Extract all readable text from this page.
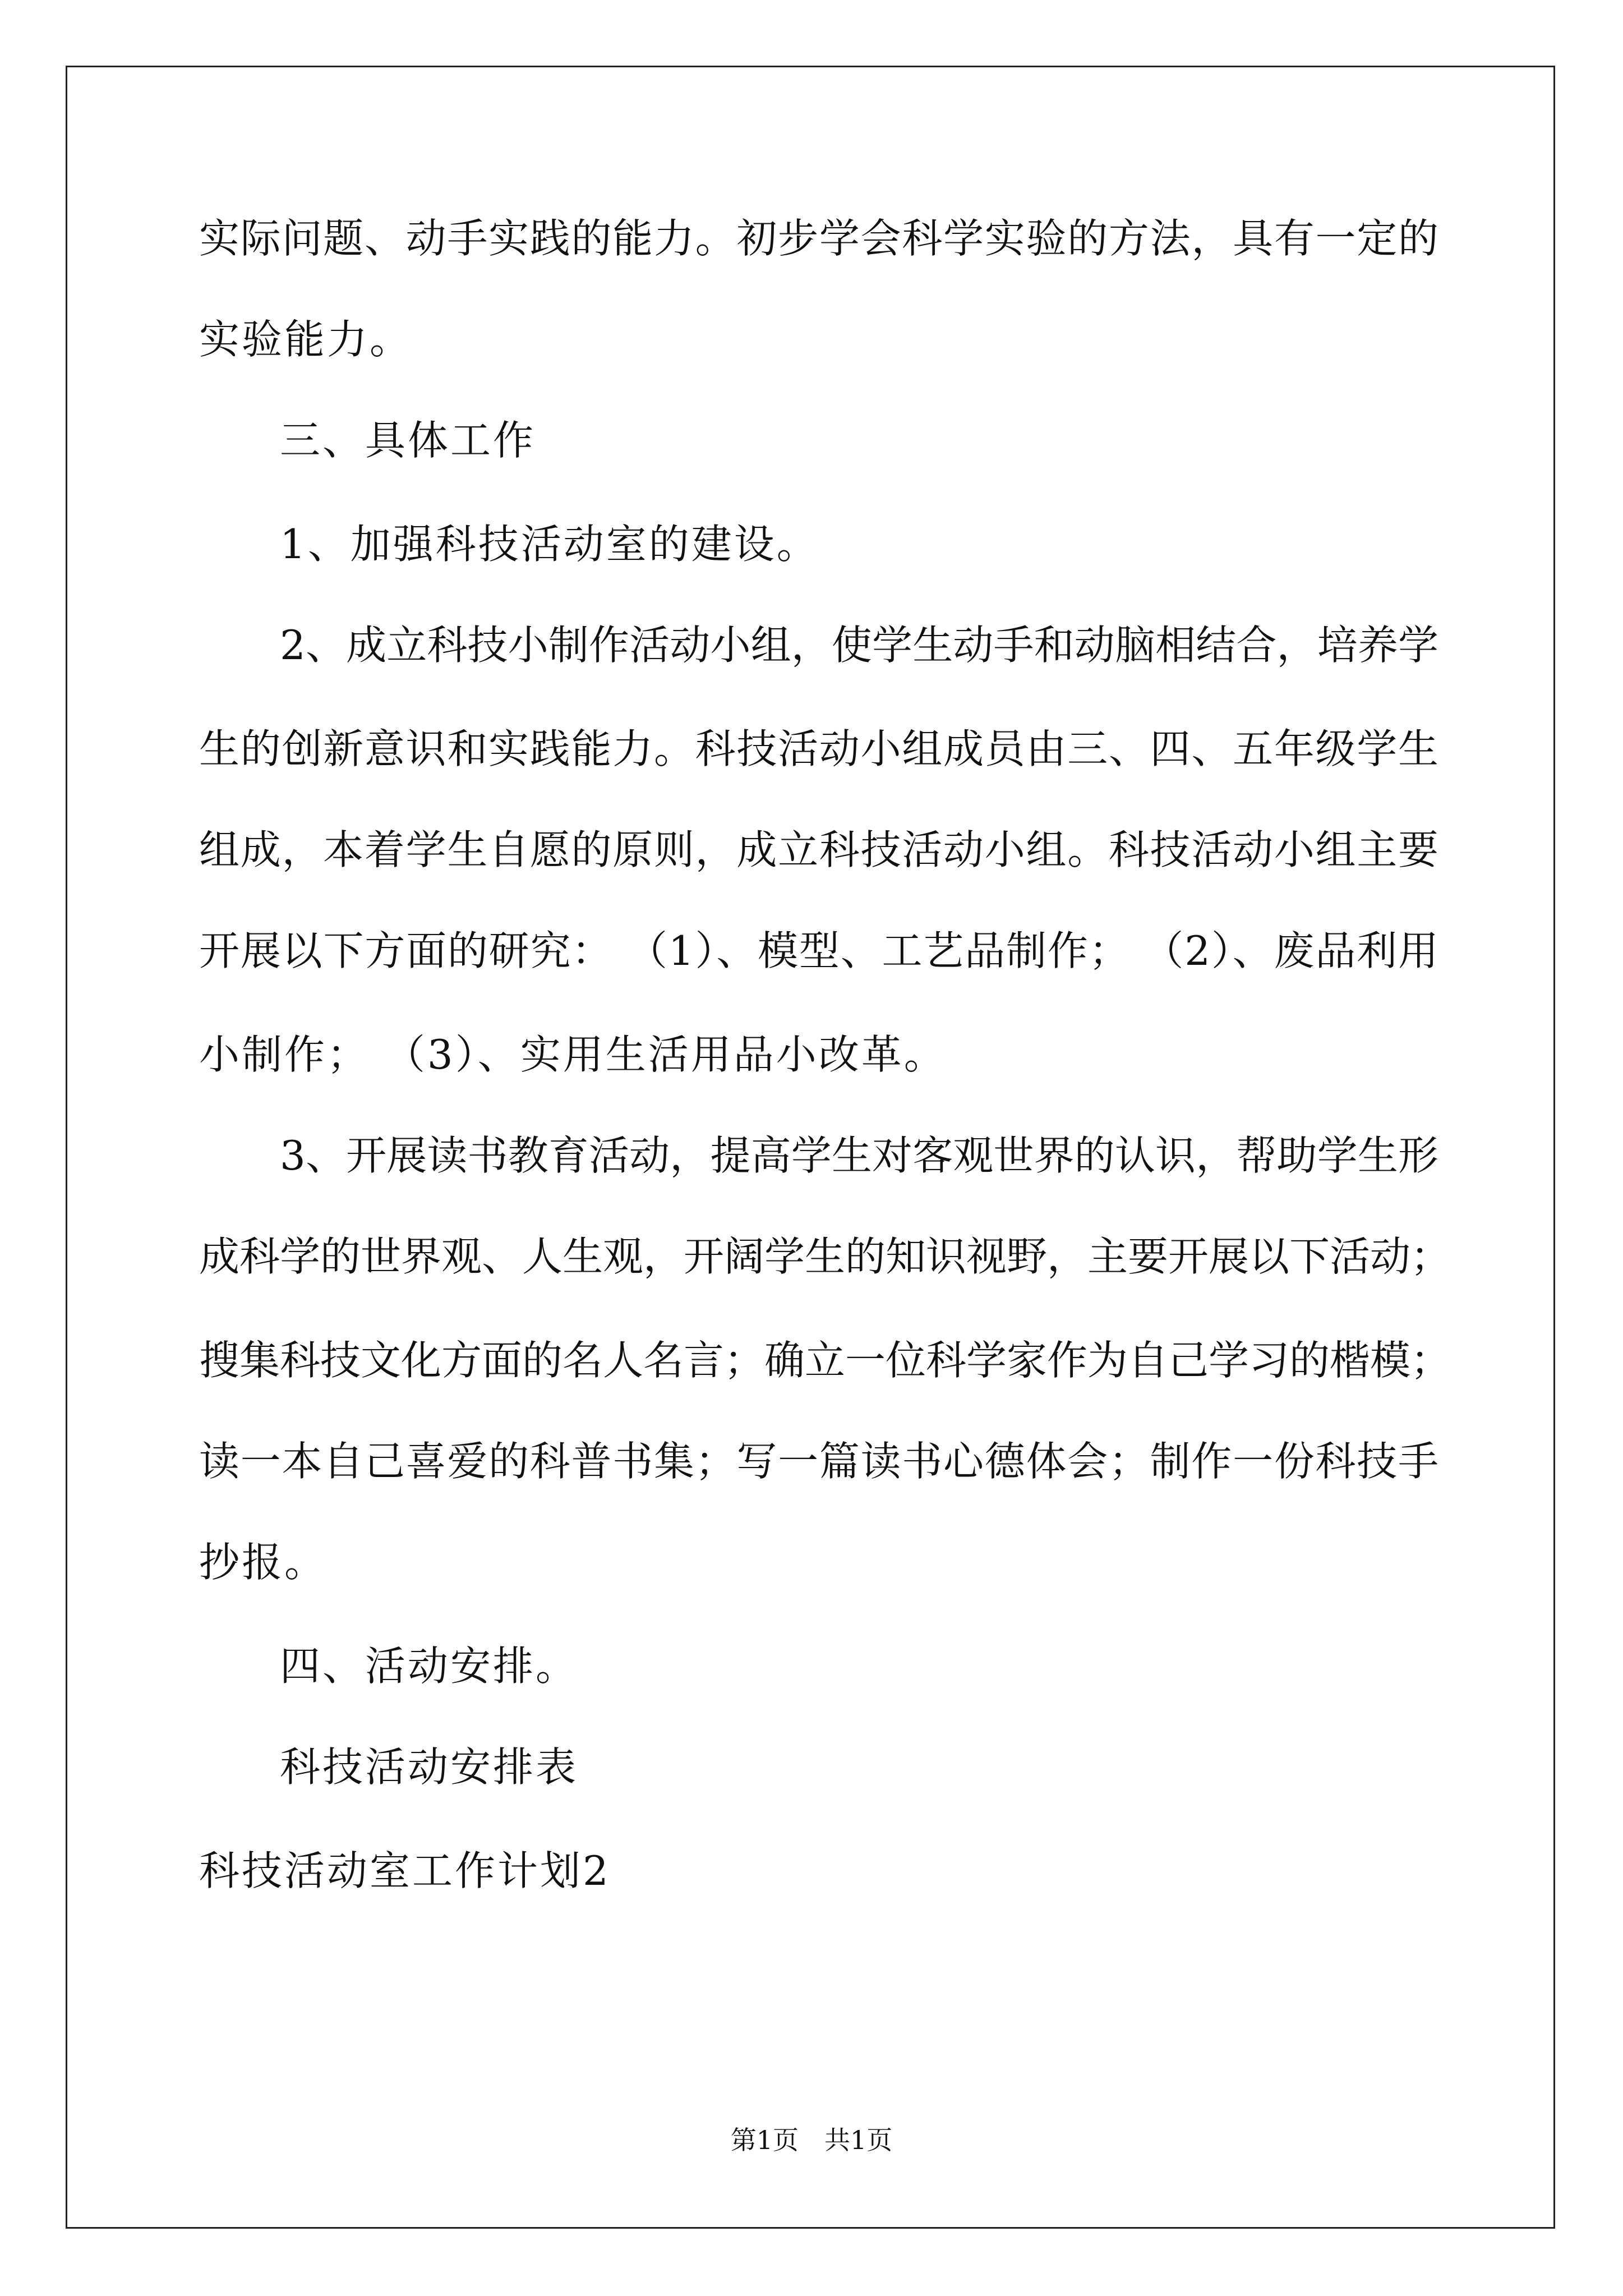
实际问题、动手实践的能力。初步学会科学实验的方法，具有一定的
实验能力。
三、具体工作
1、加强科技活动室的建设。
2、成立科技小制作活动小组，使学生动手和动脑相结合，培养学
生的创新意识和实践能力。科技活动小组成员由三、四、五年级学生
组成，本着学生自愿的原则，成立科技活动小组。科技活动小组主要
开展以下方面的研究： （1）、模型、工艺品制作； （2）、废品利用
小制作； （3）、实用生活用品小改革。
3、开展读书教育活动，提高学生对客观世界的认识，帮助学生形
成科学的世界观、人生观，开阔学生的知识视野，主要开展以下活动；
搜集科技文化方面的名人名言；确立一位科学家作为自己学习的楷模；
读一本自己喜爱的科普书集；写一篇读书心德体会；制作一份科技手
抄报。
四、活动安排。
科技活动安排表
科技活动室工作计划2
第1页　共1页
